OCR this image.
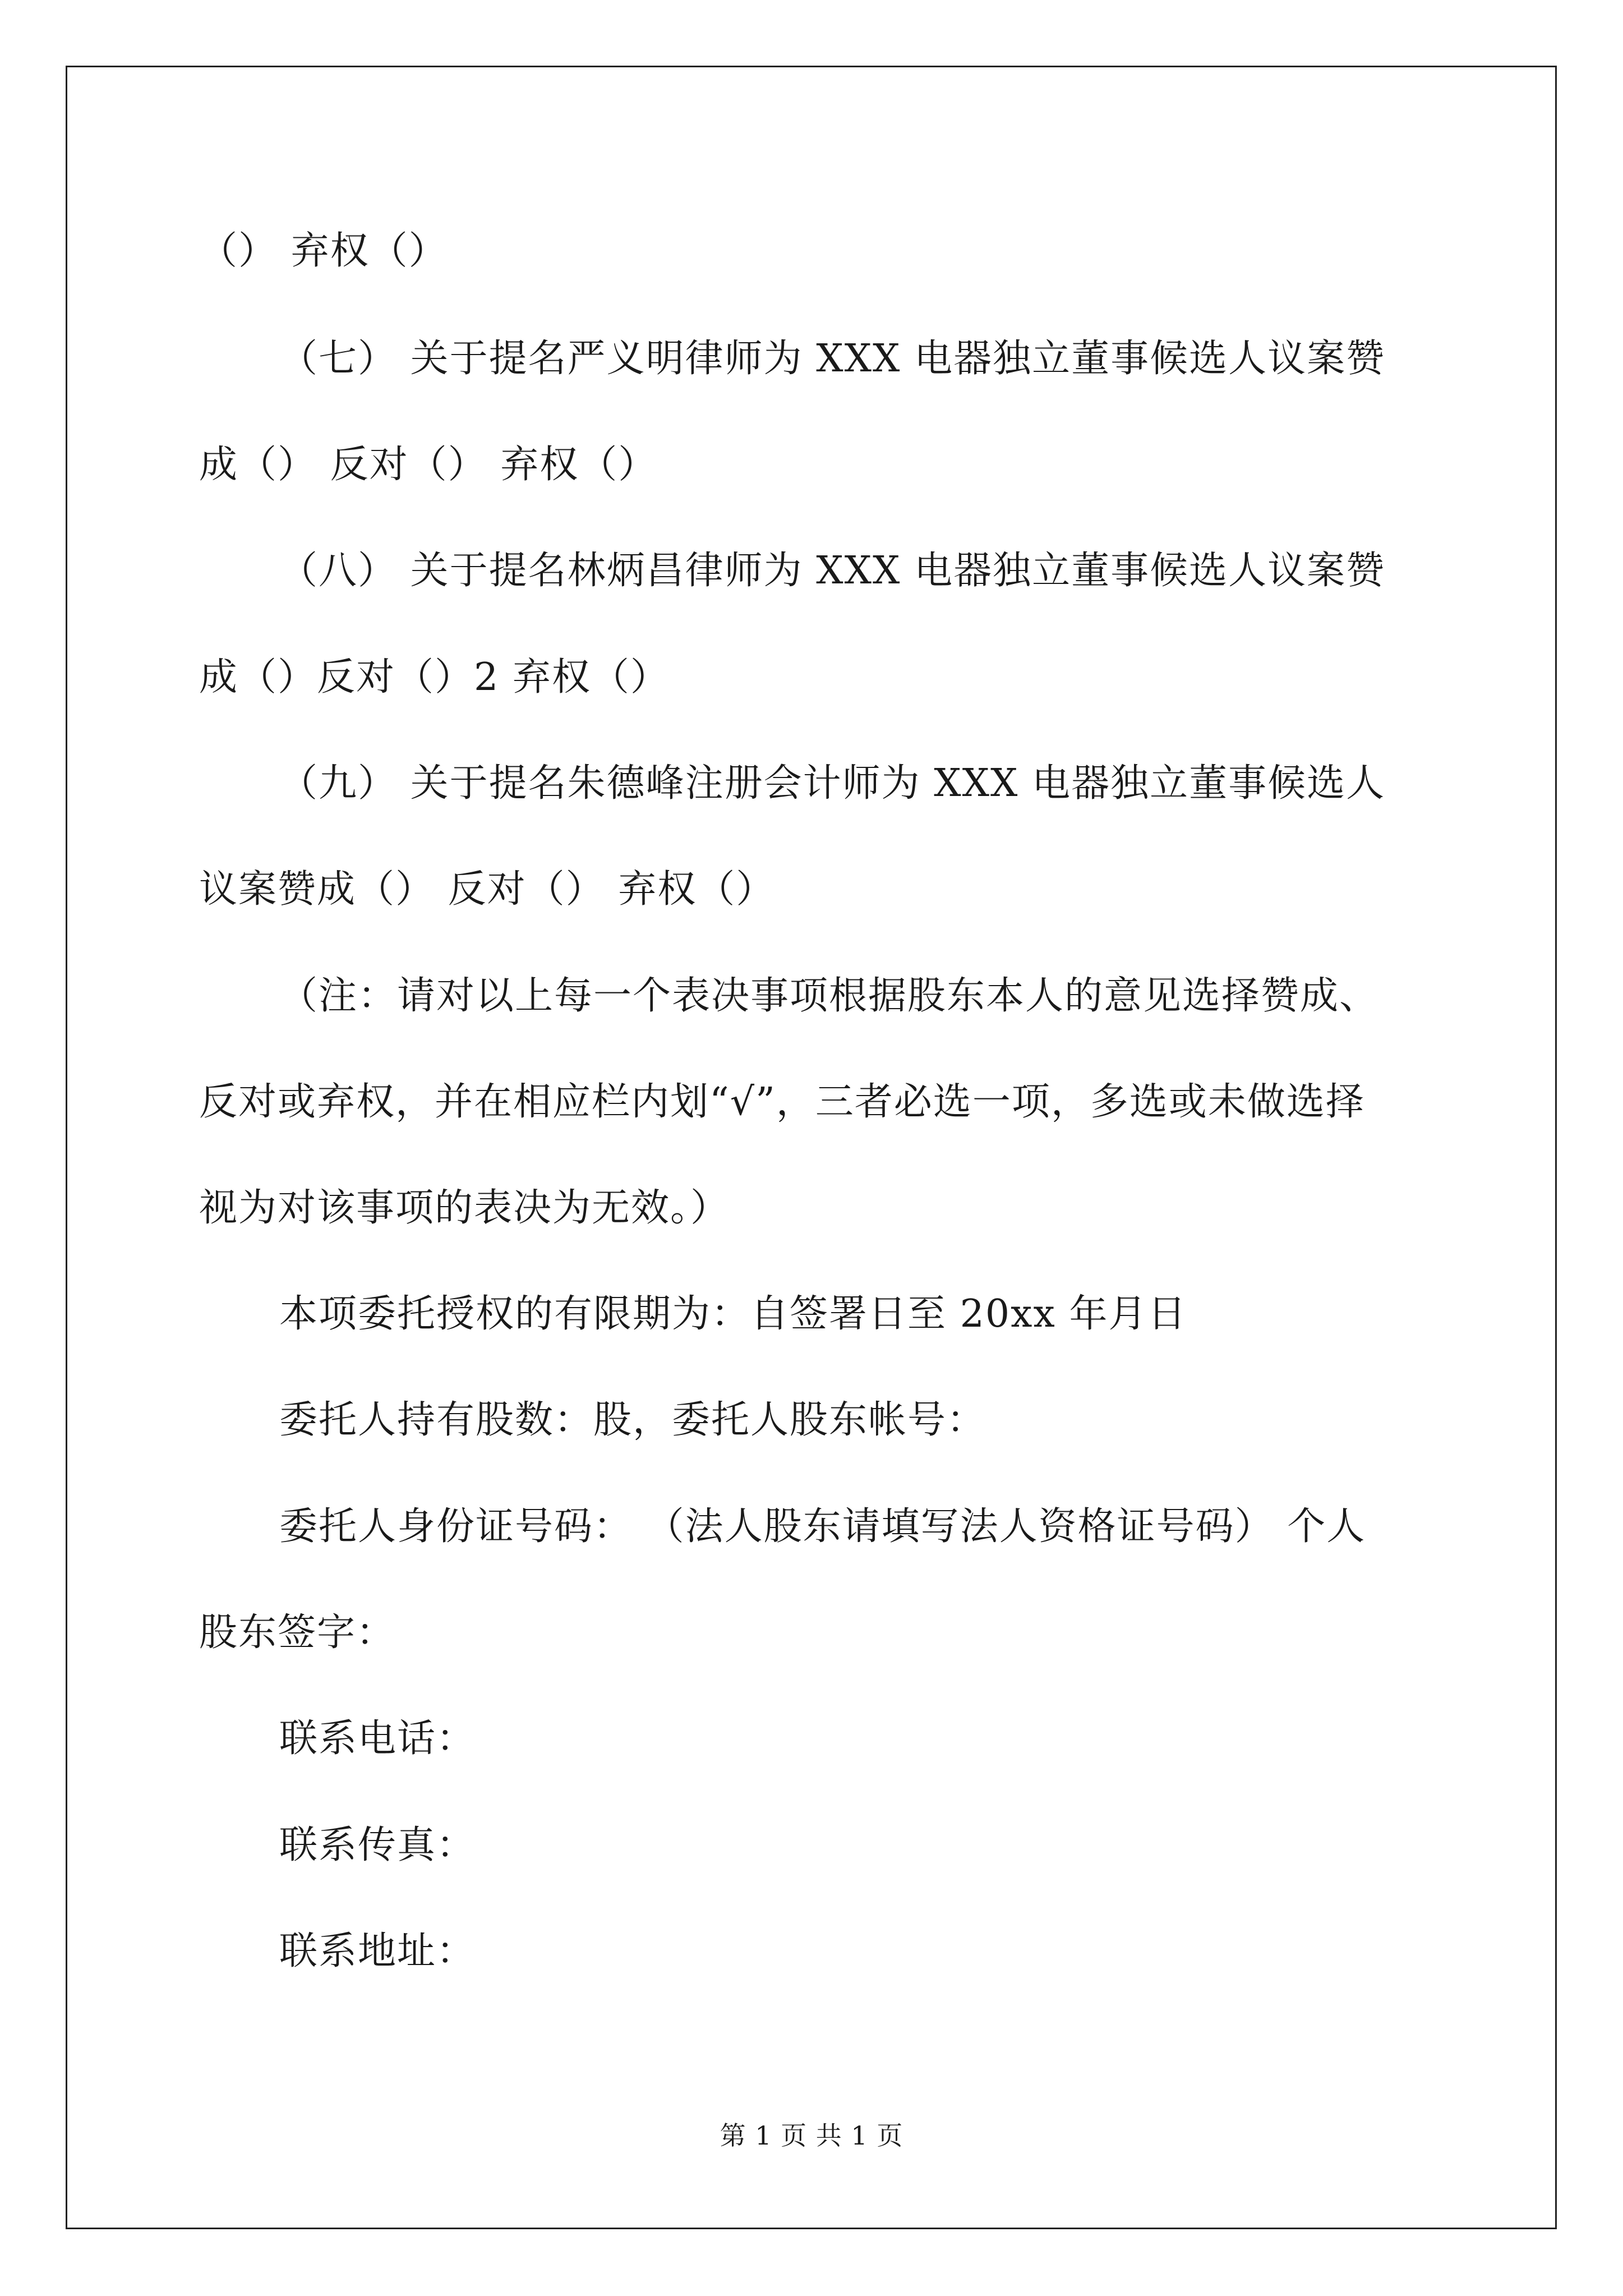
（） 弃权（）
（七） 关于提名严义明律师为 XXX 电器独立董事候选人议案赞
成（） 反对（） 弃权（）
（八） 关于提名林炳昌律师为 XXX 电器独立董事候选人议案赞
成（）反对（）2 弃权（）
（九） 关于提名朱德峰注册会计师为 XXX 电器独立董事候选人
议案赞成（） 反对（） 弃权（）
（注：请对以上每一个表决事项根据股东本人的意见选择赞成、
反对或弃权，并在相应栏内划“√”，三者必选一项，多选或未做选择
视为对该事项的表决为无效。）
本项委托授权的有限期为：自签署日至 20xx 年月日
委托人持有股数：股，委托人股东帐号：
委托人身份证号码： （法人股东请填写法人资格证号码） 个人
股东签字：
联系电话：
联系传真：
联系地址：
第 1 页 共 1 页
